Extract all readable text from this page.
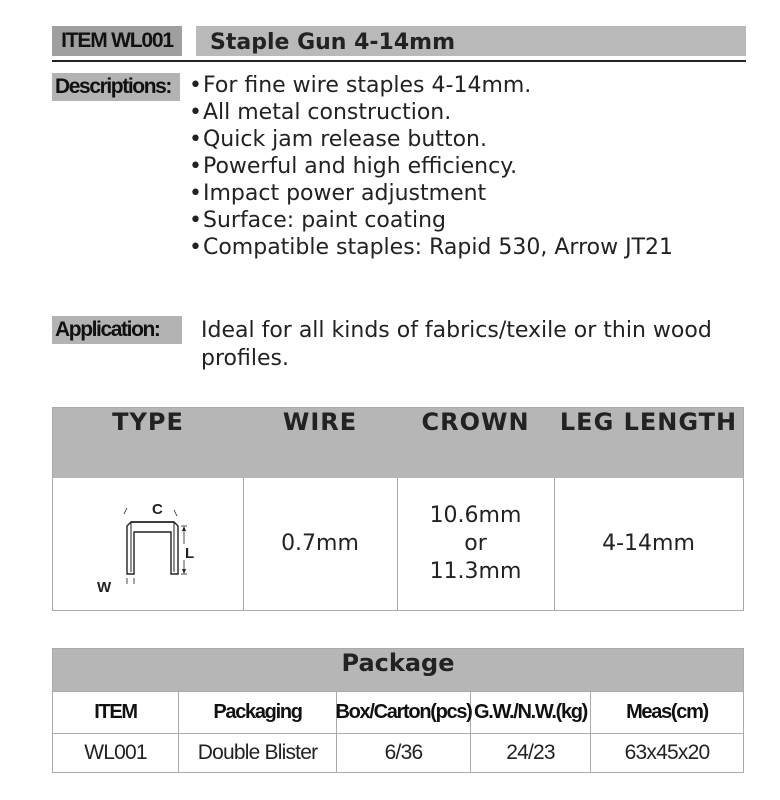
ITEM WL001	Staple Gun 4-14mm
Descriptions:
•	For fine wire staples 4-14mm.
• All metal construction.
• Quick jam release button.
• Powerful and high efficiency.
• Impact power adjustment
• Surface: paint coating
• Compatible staples: Rapid 530, Arrow JT21
Application:	Ideal for all kinds of fabrics/texile or thin wood profiles.
TYPE	WIRE	CROWN	LEG LENGTH
C
L
W
0.7mm
10.6mm
or
11.3mm
4-14mm
Package
ITEM	Packaging	Box/Carton(pcs) G.W./N.W.(kg)	Meas(cm)
WL001	Double Blister	6/36	24/23	63x45x20
